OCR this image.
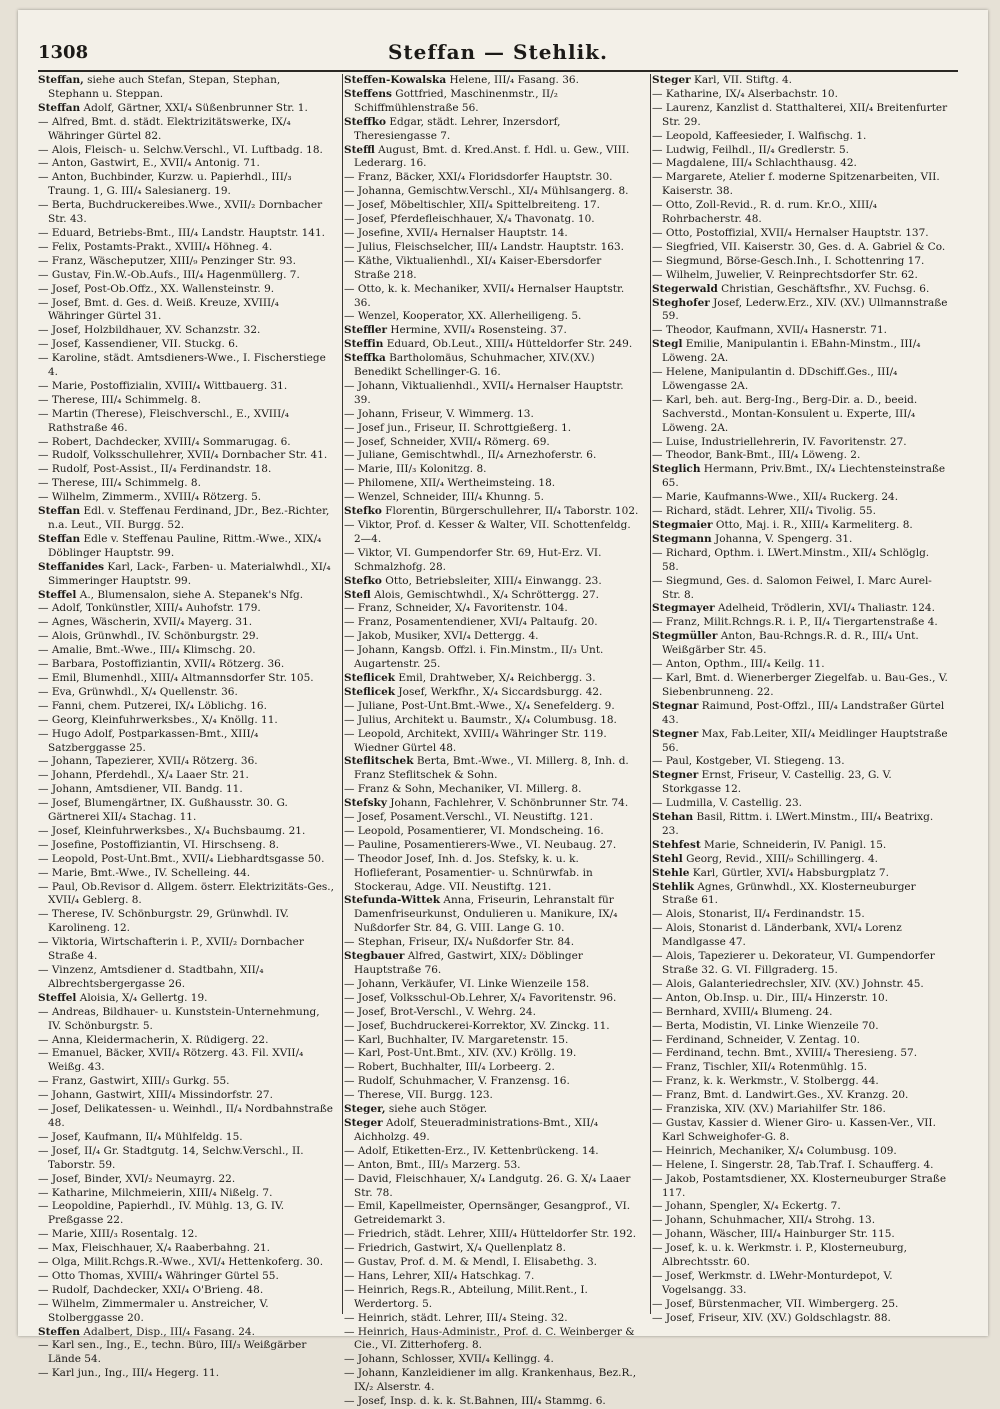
1308	Steffan — Stehlik.

Steffan, siehe auch Stefan, Stepan, Stephan, Stephann u. Steppan.

Steffan Adolf, Gärtner, XXI/₄ Süßenbrunner Str. 1.

— Alfred, Bmt. d. städt. Elektrizitätswerke, IX/₄ Währinger Gürtel 82.

— Alois, Fleisch- u. Selchw.Verschl., VI. Luftbadg. 18.

— Anton, Gastwirt, E., XVII/₄ Antonig. 71.

— Anton, Buchbinder, Kurzw. u. Papierhdl., III/₃ Traung. 1, G. III/₄ Salesianerg. 19.

— Berta, Buchdruckereibes.Wwe., XVII/₂ Dornbacher Str. 43.

— Eduard, Betriebs-Bmt., III/₄ Landstr. Hauptstr. 141.

— Felix, Postamts-Prakt., XVIII/₄ Höhneg. 4.

— Franz, Wäscheputzer, XIII/₉ Penzinger Str. 93.

— Gustav, Fin.W.-Ob.Aufs., III/₄ Hagenmüllerg. 7.

— Josef, Post-Ob.Offz., XX. Wallensteinstr. 9.

— Josef, Bmt. d. Ges. d. Weiß. Kreuze, XVIII/₄ Währinger Gürtel 31.

— Josef, Holzbildhauer, XV. Schanzstr. 32.

— Josef, Kassendiener, VII. Stuckg. 6.

— Karoline, städt. Amtsdieners-Wwe., I. Fischerstiege 4.

— Marie, Postoffizialin, XVIII/₄ Wittbauerg. 31.

— Therese, III/₄ Schimmelg. 8.

— Martin (Therese), Fleischverschl., E., XVIII/₄ Rathstraße 46.

— Robert, Dachdecker, XVIII/₄ Sommarugag. 6.

— Rudolf, Volksschullehrer, XVII/₄ Dornbacher Str. 41.

— Rudolf, Post-Assist., II/₄ Ferdinandstr. 18.

— Therese, III/₄ Schimmelg. 8.

— Wilhelm, Zimmerm., XVIII/₄ Rötzerg. 5.

Steffan Edl. v. Steffenau Ferdinand, JDr., Bez.-Richter, n.a. Leut., VII. Burgg. 52.

Steffan Edle v. Steffenau Pauline, Rittm.-Wwe., XIX/₄ Döblinger Hauptstr. 99.

Steffanides Karl, Lack-, Farben- u. Materialwhdl., XI/₄ Simmeringer Hauptstr. 99.

Steffel A., Blumensalon, siehe A. Stepanek's Nfg.

— Adolf, Tonkünstler, XIII/₄ Auhofstr. 179.

— Agnes, Wäscherin, XVII/₄ Mayerg. 31.

— Alois, Grünwhdl., IV. Schönburgstr. 29.

— Amalie, Bmt.-Wwe., III/₄ Klimschg. 20.

— Barbara, Postoffiziantin, XVII/₄ Rötzerg. 36.

— Emil, Blumenhdl., XIII/₄ Altmannsdorfer Str. 105.

— Eva, Grünwhdl., X/₄ Quellenstr. 36.

— Fanni, chem. Putzerei, IX/₄ Löblichg. 16.

— Georg, Kleinfuhrwerksbes., X/₄ Knöllg. 11.

— Hugo Adolf, Postparkassen-Bmt., XIII/₄ Satzberggasse 25.

— Johann, Tapezierer, XVII/₄ Rötzerg. 36.

— Johann, Pferdehdl., X/₄ Laaer Str. 21.

— Johann, Amtsdiener, VII. Bandg. 11.

— Josef, Blumengärtner, IX. Gußhausstr. 30. G. Gärtnerei XII/₄ Stachag. 11.

— Josef, Kleinfuhrwerksbes., X/₄ Buchsbaumg. 21.

— Josefine, Postoffiziantin, VI. Hirschseng. 8.

— Leopold, Post-Unt.Bmt., XVII/₄ Liebhardtsgasse 50.

— Marie, Bmt.-Wwe., IV. Schelleing. 44.

— Paul, Ob.Revisor d. Allgem. österr. Elektrizitäts-Ges., XVII/₄ Geblerg. 8.

— Therese, IV. Schönburgstr. 29, Grünwhdl. IV. Karolineng. 12.

— Viktoria, Wirtschafterin i. P., XVII/₂ Dornbacher Straße 4.

— Vinzenz, Amtsdiener d. Stadtbahn, XII/₄ Albrechtsbergergasse 26.

Steffel Aloisia, X/₄ Gellertg. 19.

— Andreas, Bildhauer- u. Kunststein-Unternehmung, IV. Schönburgstr. 5.

— Anna, Kleidermacherin, X. Rüdigerg. 22.

— Emanuel, Bäcker, XVII/₄ Rötzerg. 43. Fil. XVII/₄ Weißg. 43.

— Franz, Gastwirt, XIII/₃ Gurkg. 55.

— Johann, Gastwirt, XIII/₄ Missindorfstr. 27.

— Josef, Delikatessen- u. Weinhdl., II/₄ Nordbahnstraße 48.

— Josef, Kaufmann, II/₄ Mühlfeldg. 15.

— Josef, II/₄ Gr. Stadtgutg. 14, Selchw.Verschl., II. Taborstr. 59.

— Josef, Binder, XVI/₂ Neumayrg. 22.

— Katharine, Milchmeierin, XIII/₄ Nißelg. 7.

— Leopoldine, Papierhdl., IV. Mühlg. 13, G. IV. Preßgasse 22.

— Marie, XIII/₃ Rosentalg. 12.

— Max, Fleischhauer, X/₄ Raaberbahng. 21.

— Olga, Milit.Rchgs.R.-Wwe., XVI/₄ Hettenkoferg. 30.

— Otto Thomas, XVIII/₄ Währinger Gürtel 55.

— Rudolf, Dachdecker, XXI/₄ O'Brieng. 48.

— Wilhelm, Zimmermaler u. Anstreicher, V. Stolberggasse 20.

Steffen Adalbert, Disp., III/₄ Fasang. 24.

— Karl sen., Ing., E., techn. Büro, III/₃ Weißgärber Lände 54.

— Karl jun., Ing., III/₄ Hegerg. 11.

Steffen-Kowalska Helene, III/₄ Fasang. 36.

Steffens Gottfried, Maschinenmstr., II/₂ Schiffmühlenstraße 56.

Steffko Edgar, städt. Lehrer, Inzersdorf, Theresiengasse 7.

Steffl August, Bmt. d. Kred.Anst. f. Hdl. u. Gew., VIII. Lederarg. 16.

— Franz, Bäcker, XXI/₄ Floridsdorfer Hauptstr. 30.

— Johanna, Gemischtw.Verschl., XI/₄ Mühlsangerg. 8.

— Josef, Möbeltischler, XII/₄ Spittelbreiteng. 17.

— Josef, Pferdefleischhauer, X/₄ Thavonatg. 10.

— Josefine, XVII/₄ Hernalser Hauptstr. 14.

— Julius, Fleischselcher, III/₄ Landstr. Hauptstr. 163.

— Käthe, Viktualienhdl., XI/₄ Kaiser-Ebersdorfer Straße 218.

— Otto, k. k. Mechaniker, XVII/₄ Hernalser Hauptstr. 36.

— Wenzel, Kooperator, XX. Allerheiligeng. 5.

Steffler Hermine, XVII/₄ Rosensteing. 37.

Steffin Eduard, Ob.Leut., XIII/₄ Hütteldorfer Str. 249.

Steffka Bartholomäus, Schuhmacher, XIV.(XV.) Benedikt Schellinger-G. 16.

— Johann, Viktualienhdl., XVII/₄ Hernalser Hauptstr. 39.

— Johann, Friseur, V. Wimmerg. 13.

— Josef jun., Friseur, II. Schrottgießerg. 1.

— Josef, Schneider, XVII/₄ Römerg. 69.

— Juliane, Gemischtwhdl., II/₄ Arnezhoferstr. 6.

— Marie, III/₃ Kolonitzg. 8.

— Philomene, XII/₄ Wertheimsteing. 18.

— Wenzel, Schneider, III/₄ Khunng. 5.

Stefko Florentin, Bürgerschullehrer, II/₄ Taborstr. 102.

— Viktor, Prof. d. Kesser & Walter, VII. Schottenfeldg. 2—4.

— Viktor, VI. Gumpendorfer Str. 69, Hut-Erz. VI. Schmalzhofg. 28.

Stefko Otto, Betriebsleiter, XIII/₄ Einwangg. 23.

Stefl Alois, Gemischtwhdl., X/₄ Schröttergg. 27.

— Franz, Schneider, X/₄ Favoritenstr. 104.

— Franz, Posamentendiener, XVI/₄ Paltaufg. 20.

— Jakob, Musiker, XVI/₄ Dettergg. 4.

— Johann, Kangsb. Offzl. i. Fin.Minstm., II/₃ Unt. Augartenstr. 25.

Steflicek Emil, Drahtweber, X/₄ Reichbergg. 3.

Steflicek Josef, Werkfhr., X/₄ Siccardsburgg. 42.

— Juliane, Post-Unt.Bmt.-Wwe., X/₄ Senefelderg. 9.

— Julius, Architekt u. Baumstr., X/₄ Columbusg. 18.

— Leopold, Architekt, XVIII/₄ Währinger Str. 119. Wiedner Gürtel 48.

Steflitschek Berta, Bmt.-Wwe., VI. Millerg. 8, Inh. d. Franz Steflitschek & Sohn.

— Franz & Sohn, Mechaniker, VI. Millerg. 8.

Stefsky Johann, Fachlehrer, V. Schönbrunner Str. 74.

— Josef, Posament.Verschl., VI. Neustiftg. 121.

— Leopold, Posamentierer, VI. Mondscheing. 16.

— Pauline, Posamentierers-Wwe., VI. Neubaug. 27.

— Theodor Josef, Inh. d. Jos. Stefsky, k. u. k. Hoflieferant, Posamentier- u. Schnürwfab. in Stockerau, Adge. VII. Neustiftg. 121.

Stefunda-Wittek Anna, Friseurin, Lehranstalt für Damenfriseurkunst, Ondulieren u. Manikure, IX/₄ Nußdorfer Str. 84, G. VIII. Lange G. 10.

— Stephan, Friseur, IX/₄ Nußdorfer Str. 84.

Stegbauer Alfred, Gastwirt, XIX/₂ Döblinger Hauptstraße 76.

— Johann, Verkäufer, VI. Linke Wienzeile 158.

— Josef, Volksschul-Ob.Lehrer, X/₄ Favoritenstr. 96.

— Josef, Brot-Verschl., V. Wehrg. 24.

— Josef, Buchdruckerei-Korrektor, XV. Zinckg. 11.

— Karl, Buchhalter, IV. Margaretenstr. 15.

— Karl, Post-Unt.Bmt., XIV. (XV.) Kröllg. 19.

— Robert, Buchhalter, III/₄ Lorbeerg. 2.

— Rudolf, Schuhmacher, V. Franzensg. 16.

— Therese, VII. Burgg. 123.

Steger, siehe auch Stöger.

Steger Adolf, Steueradministrations-Bmt., XII/₄ Aichholzg. 49.

— Adolf, Etiketten-Erz., IV. Kettenbrückeng. 14.

— Anton, Bmt., III/₃ Marzerg. 53.

— David, Fleischhauer, X/₄ Landgutg. 26. G. X/₄ Laaer Str. 78.

— Emil, Kapellmeister, Opernsänger, Gesangprof., VI. Getreidemarkt 3.

— Friedrich, städt. Lehrer, XIII/₄ Hütteldorfer Str. 192.

— Friedrich, Gastwirt, X/₄ Quellenplatz 8.

— Gustav, Prof. d. M. & Mendl, I. Elisabethg. 3.

— Hans, Lehrer, XII/₄ Hatschkag. 7.

— Heinrich, Regs.R., Abteilung, Milit.Rent., I. Werdertorg. 5.

— Heinrich, städt. Lehrer, III/₄ Steing. 32.

— Heinrich, Haus-Administr., Prof. d. C. Weinberger & Cie., VI. Zitterhoferg. 8.

— Johann, Schlosser, XVII/₄ Kellingg. 4.

— Johann, Kanzleidiener im allg. Krankenhaus, Bez.R., IX/₂ Alserstr. 4.

— Josef, Insp. d. k. k. St.Bahnen, III/₄ Stammg. 6.

Steger Karl, VII. Stiftg. 4.

— Katharine, IX/₄ Alserbachstr. 10.

— Laurenz, Kanzlist d. Statthalterei, XII/₄ Breitenfurter Str. 29.

— Leopold, Kaffeesieder, I. Walfischg. 1.

— Ludwig, Feilhdl., II/₄ Gredlerstr. 5.

— Magdalene, III/₄ Schlachthausg. 42.

— Margarete, Atelier f. moderne Spitzenarbeiten, VII. Kaiserstr. 38.

— Otto, Zoll-Revid., R. d. rum. Kr.O., XIII/₄ Rohrbacherstr. 48.

— Otto, Postoffizial, XVII/₄ Hernalser Hauptstr. 137.

— Siegfried, VII. Kaiserstr. 30, Ges. d. A. Gabriel & Co.

— Siegmund, Börse-Gesch.Inh., I. Schottenring 17.

— Wilhelm, Juwelier, V. Reinprechtsdorfer Str. 62.

Stegerwald Christian, Geschäftsfhr., XV. Fuchsg. 6.

Steghofer Josef, Lederw.Erz., XIV. (XV.) Ullmannstraße 59.

— Theodor, Kaufmann, XVII/₄ Hasnerstr. 71.

Stegl Emilie, Manipulantin i. EBahn-Minstm., III/₄ Löweng. 2A.

— Helene, Manipulantin d. DDschiff.Ges., III/₄ Löwengasse 2A.

— Karl, beh. aut. Berg-Ing., Berg-Dir. a. D., beeid. Sachverstd., Montan-Konsulent u. Experte, III/₄ Löweng. 2A.

— Luise, Industriellehrerin, IV. Favoritenstr. 27.

— Theodor, Bank-Bmt., III/₄ Löweng. 2.

Steglich Hermann, Priv.Bmt., IX/₄ Liechtensteinstraße 65.

— Marie, Kaufmanns-Wwe., XII/₄ Ruckerg. 24.

— Richard, städt. Lehrer, XII/₄ Tivolig. 55.

Stegmaier Otto, Maj. i. R., XIII/₄ Karmeliterg. 8.

Stegmann Johanna, V. Spengerg. 31.

— Richard, Opthm. i. LWert.Minstm., XII/₄ Schlöglg. 58.

— Siegmund, Ges. d. Salomon Feiwel, I. Marc Aurel-Str. 8.

Stegmayer Adelheid, Trödlerin, XVI/₄ Thaliastr. 124.

— Franz, Milit.Rchngs.R. i. P., II/₄ Tiergartenstraße 4.

Stegmüller Anton, Bau-Rchngs.R. d. R., III/₄ Unt. Weißgärber Str. 45.

— Anton, Opthm., III/₄ Keilg. 11.

— Karl, Bmt. d. Wienerberger Ziegelfab. u. Bau-Ges., V. Siebenbrunneng. 22.

Stegnar Raimund, Post-Offzl., III/₄ Landstraßer Gürtel 43.

Stegner Max, Fab.Leiter, XII/₄ Meidlinger Hauptstraße 56.

— Paul, Kostgeber, VI. Stiegeng. 13.

Stegner Ernst, Friseur, V. Castellig. 23, G. V. Storkgasse 12.

— Ludmilla, V. Castellig. 23.

Stehan Basil, Rittm. i. LWert.Minstm., III/₄ Beatrixg. 23.

Stehfest Marie, Schneiderin, IV. Panigl. 15.

Stehl Georg, Revid., XIII/₉ Schillingerg. 4.

Stehle Karl, Gürtler, XVI/₄ Habsburgplatz 7.

Stehlik Agnes, Grünwhdl., XX. Klosterneuburger Straße 61.

— Alois, Stonarist, II/₄ Ferdinandstr. 15.

— Alois, Stonarist d. Länderbank, XVI/₄ Lorenz Mandlgasse 47.

— Alois, Tapezierer u. Dekorateur, VI. Gumpendorfer Straße 32. G. VI. Fillgraderg. 15.

— Alois, Galanteriedrechsler, XIV. (XV.) Johnstr. 45.

— Anton, Ob.Insp. u. Dir., III/₄ Hinzerstr. 10.

— Bernhard, XVIII/₄ Blumeng. 24.

— Berta, Modistin, VI. Linke Wienzeile 70.

— Ferdinand, Schneider, V. Zentag. 10.

— Ferdinand, techn. Bmt., XVIII/₄ Theresieng. 57.

— Franz, Tischler, XII/₄ Rotenmühlg. 15.

— Franz, k. k. Werkmstr., V. Stolbergg. 44.

— Franz, Bmt. d. Landwirt.Ges., XV. Kranzg. 20.

— Franziska, XIV. (XV.) Mariahilfer Str. 186.

— Gustav, Kassier d. Wiener Giro- u. Kassen-Ver., VII. Karl Schweighofer-G. 8.

— Heinrich, Mechaniker, X/₄ Columbusg. 109.

— Helene, I. Singerstr. 28, Tab.Traf. I. Schaufferg. 4.

— Jakob, Postamtsdiener, XX. Klosterneuburger Straße 117.

— Johann, Spengler, X/₄ Eckertg. 7.

— Johann, Schuhmacher, XII/₄ Strohg. 13.

— Johann, Wäscher, III/₄ Hainburger Str. 115.

— Josef, k. u. k. Werkmstr. i. P., Klosterneuburg, Albrechtsstr. 60.

— Josef, Werkmstr. d. LWehr-Monturdepot, V. Vogelsangg. 33.

— Josef, Bürstenmacher, VII. Wimbergerg. 25.

— Josef, Friseur, XIV. (XV.) Goldschlagstr. 88.
